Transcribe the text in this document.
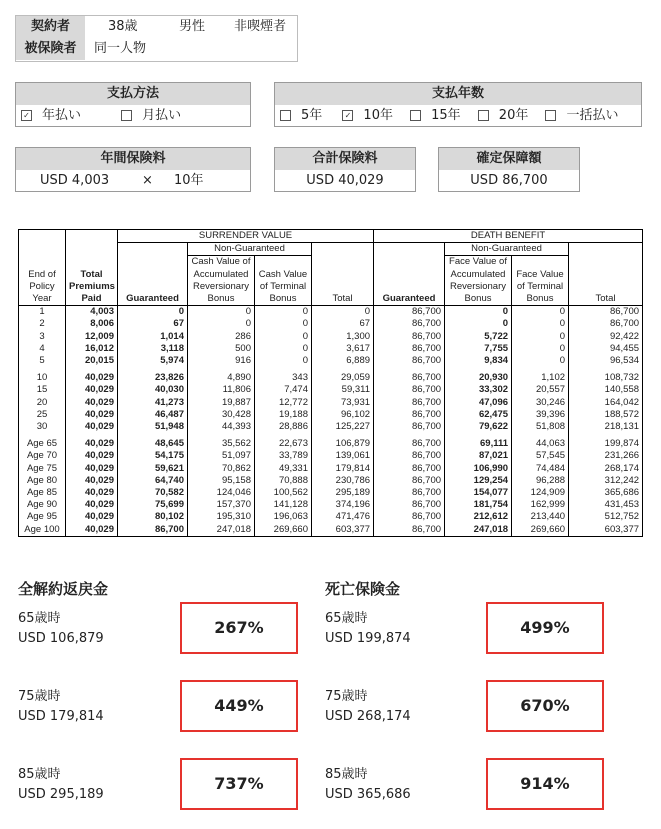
契約者	38歳	男性 非喫煙者
被保険者	同一人物
支払方法
✓ 年払い	月払い
支払年数
5年	✓ 10年	15年	20年	一括払い
年間保険料
USD 4,003	× 10年
合計保険料
USD 40,029
確定保障額
USD 86,700
End of Policy Year	Total Premiums Paid	SURRENDER VALUE				DEATH BENEFIT			
		Guaranteed	Non-Guaranteed		Total	Guaranteed	Non-Guaranteed		Total
			Cash Value of Accumulated Reversionary Bonus	Cash Value of Terminal Bonus			Face Value of Accumulated Reversionary Bonus	Face Value of Terminal Bonus	
1	4,003	0	0	0	0	86,700	0	0	86,700
2	8,006	67	0	0	67	86,700	0	0	86,700
3	12,009	1,014	286	0	1,300	86,700	5,722	0	92,422
4	16,012	3,118	500	0	3,617	86,700	7,755	0	94,455
5	20,015	5,974	916	0	6,889	86,700	9,834	0	96,534
10	40,029	23,826	4,890	343	29,059	86,700	20,930	1,102	108,732
15	40,029	40,030	11,806	7,474	59,311	86,700	33,302	20,557	140,558
20	40,029	41,273	19,887	12,772	73,931	86,700	47,096	30,246	164,042
25	40,029	46,487	30,428	19,188	96,102	86,700	62,475	39,396	188,572
30	40,029	51,948	44,393	28,886	125,227	86,700	79,622	51,808	218,131
Age 65	40,029	48,645	35,562	22,673	106,879	86,700	69,111	44,063	199,874
Age 70	40,029	54,175	51,097	33,789	139,061	86,700	87,021	57,545	231,266
Age 75	40,029	59,621	70,862	49,331	179,814	86,700	106,990	74,484	268,174
Age 80	40,029	64,740	95,158	70,888	230,786	86,700	129,254	96,288	312,242
Age 85	40,029	70,582	124,046	100,562	295,189	86,700	154,077	124,909	365,686
Age 90	40,029	75,699	157,370	141,128	374,196	86,700	181,754	162,999	431,453
Age 95	40,029	80,102	195,310	196,063	471,476	86,700	212,612	213,440	512,752
Age 100	40,029	86,700	247,018	269,660	603,377	86,700	247,018	269,660	603,377
全解約返戻金	死亡保険金
65歳時
USD 106,879
267%
75歳時
USD 179,814
449%
85歳時
USD 295,189
737%
65歳時
USD 199,874
499%
75歳時
USD 268,174
670%
85歳時
USD 365,686
914%
